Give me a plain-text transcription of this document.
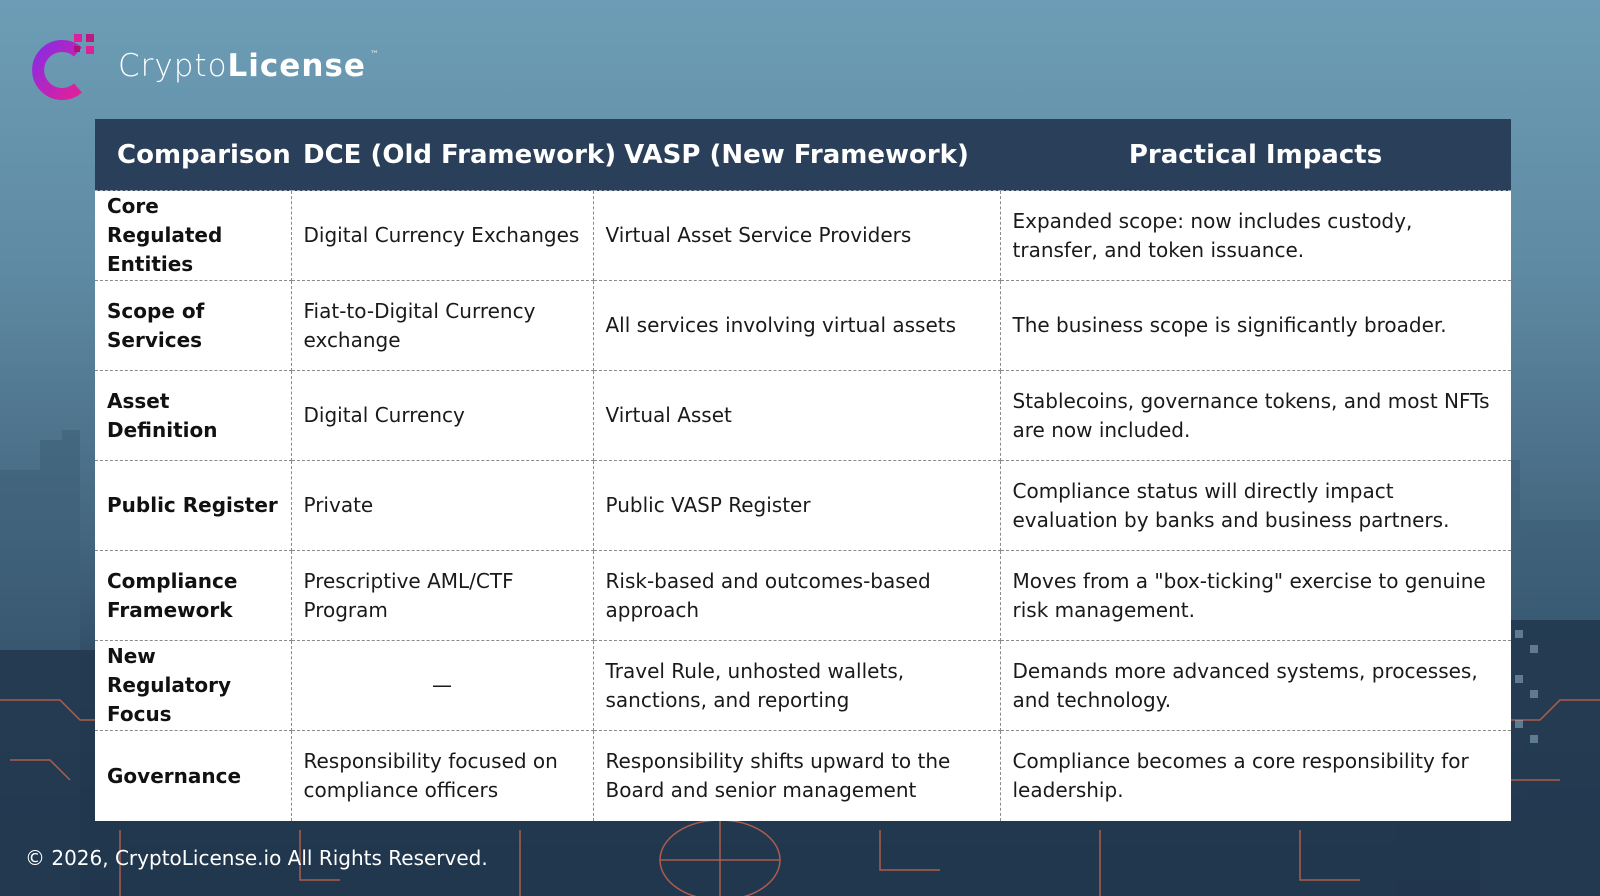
Crypto License ™
Comparison	DCE (Old Framework)	VASP (New Framework)	Practical Impacts
Core Regulated Entities	Digital Currency Exchanges	Virtual Asset Service Providers	Expanded scope: now includes custody, transfer, and token issuance.
Scope of Services	Fiat-to-Digital Currency exchange	All services involving virtual assets	The business scope is significantly broader.
Asset Definition	Digital Currency	Virtual Asset	Stablecoins, governance tokens, and most NFTs are now included.
Public Register	Private	Public VASP Register	Compliance status will directly impact evaluation by banks and business partners.
Compliance Framework	Prescriptive AML/CTF Program	Risk-based and outcomes-based approach	Moves from a "box-ticking" exercise to genuine risk management.
New Regulatory Focus	—	Travel Rule, unhosted wallets, sanctions, and reporting	Demands more advanced systems, processes, and technology.
Governance	Responsibility focused on compliance officers	Responsibility shifts upward to the Board and senior management	Compliance becomes a core responsibility for leadership.
© 2026, CryptoLicense.io All Rights Reserved.
